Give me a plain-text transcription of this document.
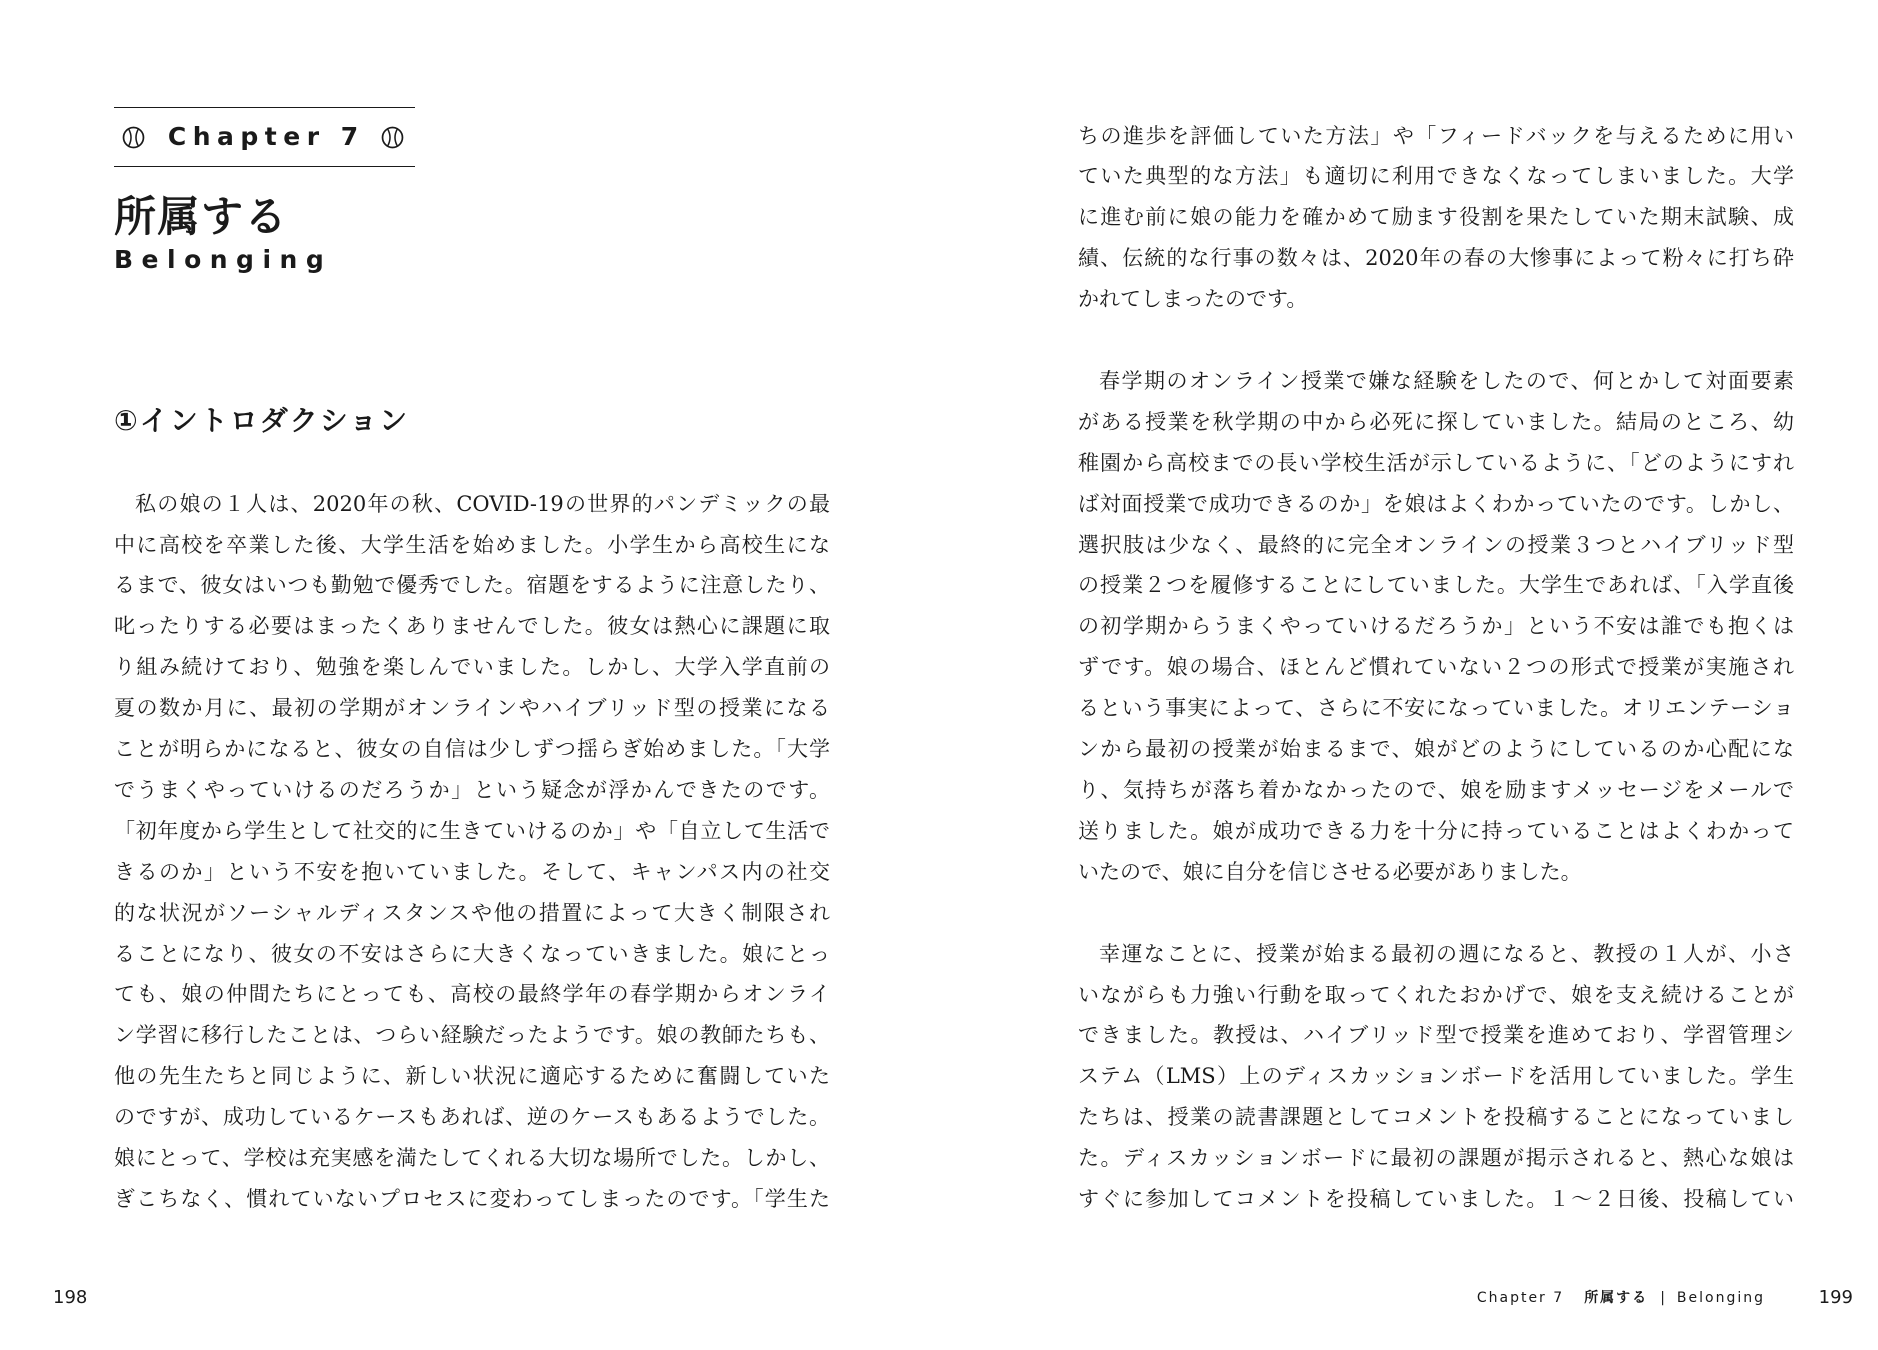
Chapter 7
所属する
Belonging
①イントロダクション
私の娘の１人は、2020年の秋、COVID-19の世界的パンデミックの最
中に高校を卒業した後、大学生活を始めました。小学生から高校生にな
るまで、彼女はいつも勤勉で優秀でした。宿題をするように注意したり、
叱ったりする必要はまったくありませんでした。彼女は熱心に課題に取
り組み続けており、勉強を楽しんでいました。しかし、大学入学直前の
夏の数か月に、最初の学期がオンラインやハイブリッド型の授業になる
ことが明らかになると、彼女の自信は少しずつ揺らぎ始めました。「大学
でうまくやっていけるのだろうか」という疑念が浮かんできたのです。
「初年度から学生として社交的に生きていけるのか」や「自立して生活で
きるのか」という不安を抱いていました。そして、キャンパス内の社交
的な状況がソーシャルディスタンスや他の措置によって大きく制限され
ることになり、彼女の不安はさらに大きくなっていきました。娘にとっ
ても、娘の仲間たちにとっても、高校の最終学年の春学期からオンライ
ン学習に移行したことは、つらい経験だったようです。娘の教師たちも、
他の先生たちと同じように、新しい状況に適応するために奮闘していた
のですが、成功しているケースもあれば、逆のケースもあるようでした。
娘にとって、学校は充実感を満たしてくれる大切な場所でした。しかし、
ぎこちなく、慣れていないプロセスに変わってしまったのです。「学生た
198
ちの進歩を評価していた方法」や「フィードバックを与えるために用い
ていた典型的な方法」も適切に利用できなくなってしまいました。大学
に進む前に娘の能力を確かめて励ます役割を果たしていた期末試験、成
績、伝統的な行事の数々は、2020年の春の大惨事によって粉々に打ち砕
かれてしまったのです。
春学期のオンライン授業で嫌な経験をしたので、何とかして対面要素
がある授業を秋学期の中から必死に探していました。結局のところ、幼
稚園から高校までの長い学校生活が示しているように、「どのようにすれ
ば対面授業で成功できるのか」を娘はよくわかっていたのです。しかし、
選択肢は少なく、最終的に完全オンラインの授業３つとハイブリッド型
の授業２つを履修することにしていました。大学生であれば、「入学直後
の初学期からうまくやっていけるだろうか」という不安は誰でも抱くは
ずです。娘の場合、ほとんど慣れていない２つの形式で授業が実施され
るという事実によって、さらに不安になっていました。オリエンテーショ
ンから最初の授業が始まるまで、娘がどのようにしているのか心配にな
り、気持ちが落ち着かなかったので、娘を励ますメッセージをメールで
送りました。娘が成功できる力を十分に持っていることはよくわかって
いたので、娘に自分を信じさせる必要がありました。
幸運なことに、授業が始まる最初の週になると、教授の１人が、小さ
いながらも力強い行動を取ってくれたおかげで、娘を支え続けることが
できました。教授は、ハイブリッド型で授業を進めており、学習管理シ
ステム（LMS）上のディスカッションボードを活用していました。学生
たちは、授業の読書課題としてコメントを投稿することになっていまし
た。ディスカッションボードに最初の課題が掲示されると、熱心な娘は
すぐに参加してコメントを投稿していました。１〜２日後、投稿してい
Chapter 7 所属する | Belonging	199
